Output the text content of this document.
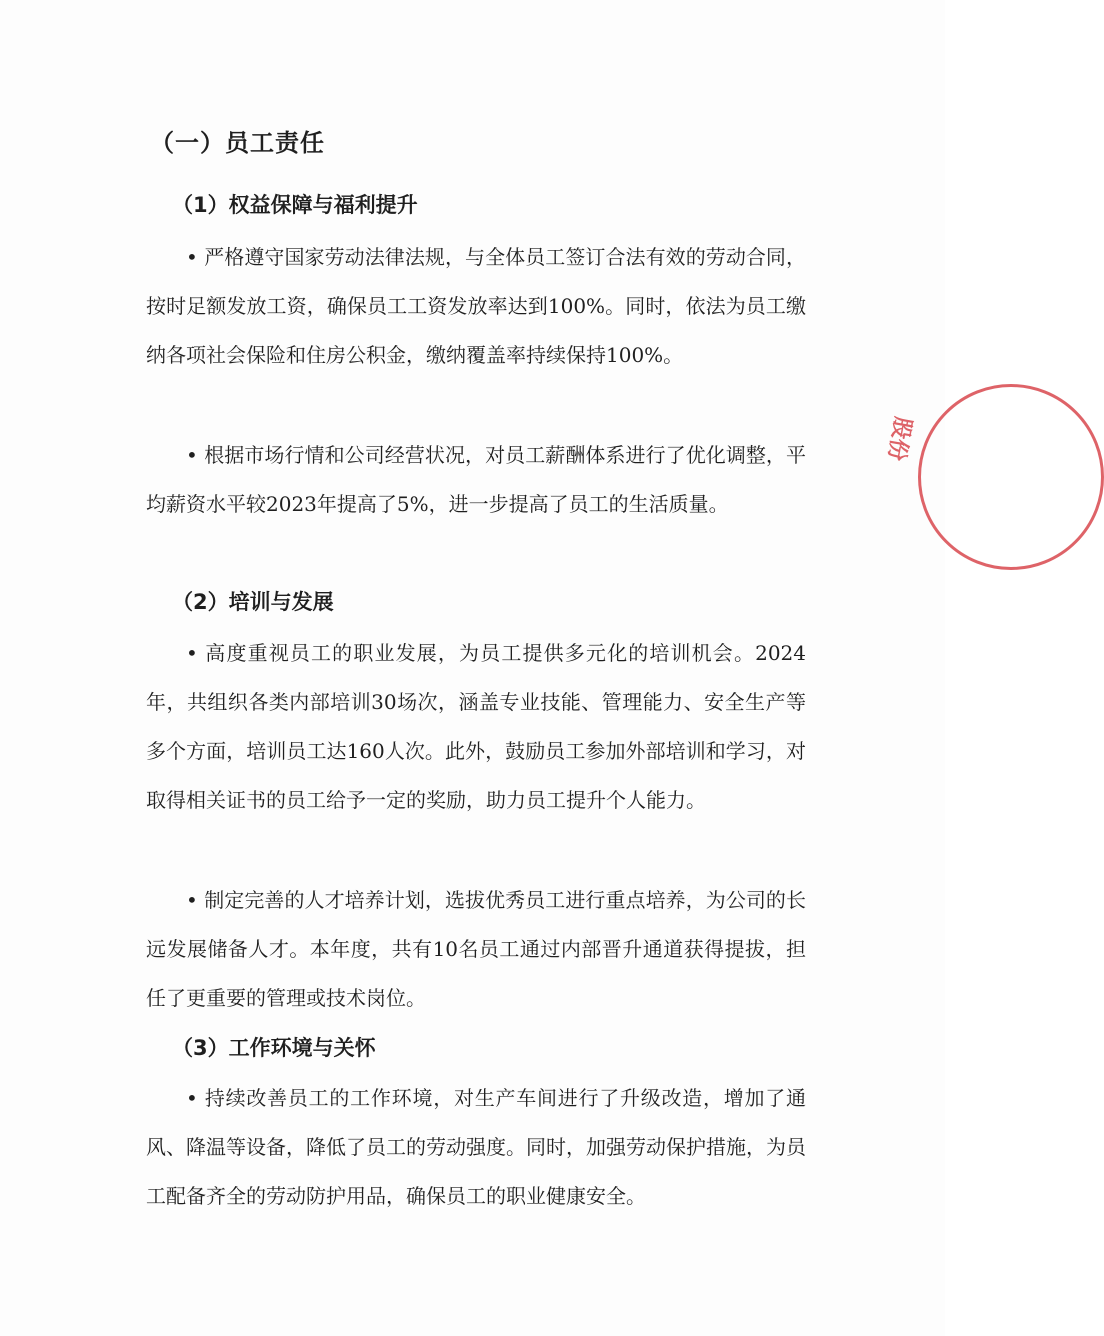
（一）员工责任
（1）权益保障与福利提升

• 严格遵守国家劳动法律法规，与全体员工签订合法有效的劳动合同，按时足额发放工资，确保员工工资发放率达到100%。同时，依法为员工缴纳各项社会保险和住房公积金，缴纳覆盖率持续保持100%。

• 根据市场行情和公司经营状况，对员工薪酬体系进行了优化调整，平均薪资水平较2023年提高了5%，进一步提高了员工的生活质量。

（2）培训与发展

• 高度重视员工的职业发展，为员工提供多元化的培训机会。2024年，共组织各类内部培训30场次，涵盖专业技能、管理能力、安全生产等多个方面，培训员工达160人次。此外，鼓励员工参加外部培训和学习，对取得相关证书的员工给予一定的奖励，助力员工提升个人能力。

• 制定完善的人才培养计划，选拔优秀员工进行重点培养，为公司的长远发展储备人才。本年度，共有10名员工通过内部晋升通道获得提拔，担任了更重要的管理或技术岗位。

（3）工作环境与关怀

• 持续改善员工的工作环境，对生产车间进行了升级改造，增加了通风、降温等设备，降低了员工的劳动强度。同时，加强劳动保护措施，为员工配备齐全的劳动防护用品，确保员工的职业健康安全。

股份
